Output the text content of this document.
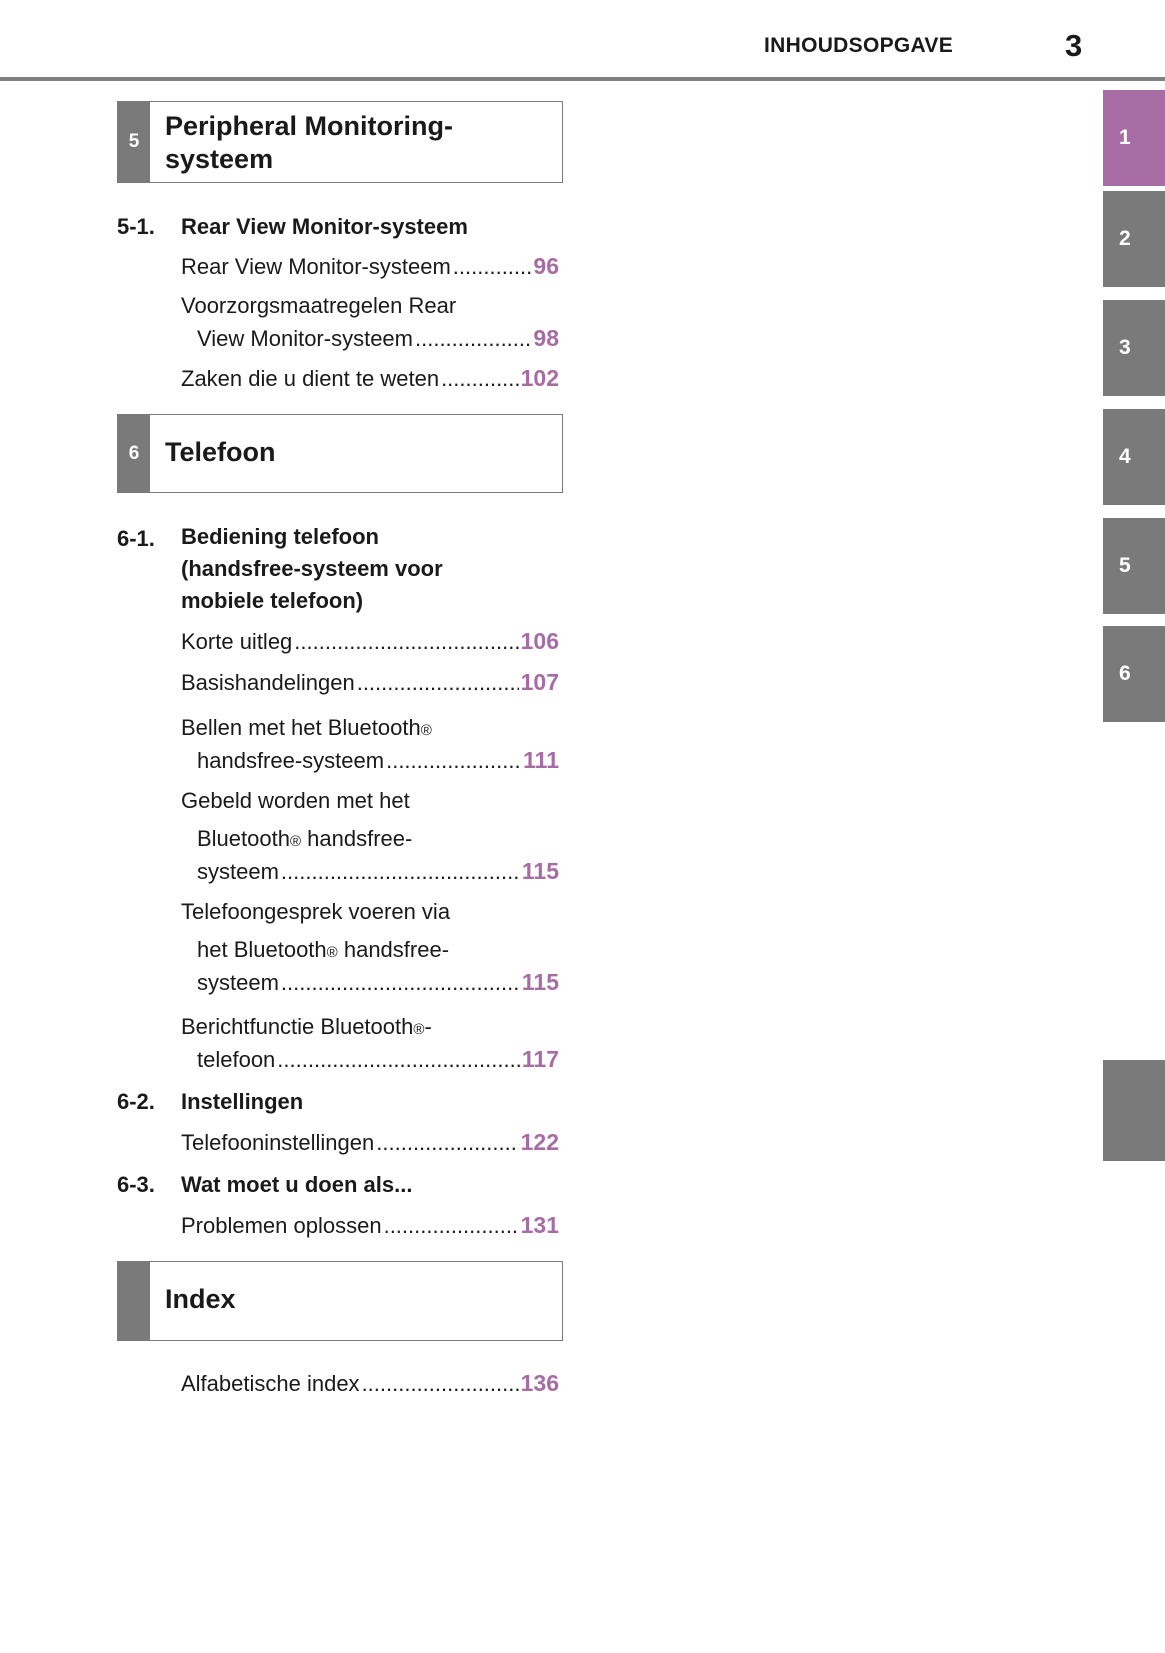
INHOUDSOPGAVE	3
1
2
3
4
5
6
5
Peripheral Monitoring-
systeem
5-1. Rear View Monitor-systeem
Rear View Monitor-systeem .....	96
Voorzorgsmaatregelen Rear
View Monitor-systeem .....	98
Zaken die u dient te weten .....	102
6 Telefoon
6-1. Bediening telefoon
(handsfree-systeem voor
mobiele telefoon)
Korte uitleg .....	106
Basishandelingen .....	107
Bellen met het Bluetooth ®
handsfree-systeem .....	111
Gebeld worden met het
Bluetooth ® handsfree-
systeem .....	115
Telefoongesprek voeren via
het Bluetooth ® handsfree-
systeem .....	115
Berichtfunctie Bluetooth ® -
telefoon .....	117
6-2. Instellingen
Telefooninstellingen .....	122
6-3. Wat moet u doen als...
Problemen oplossen .....	131
Index
Alfabetische index .....	136
